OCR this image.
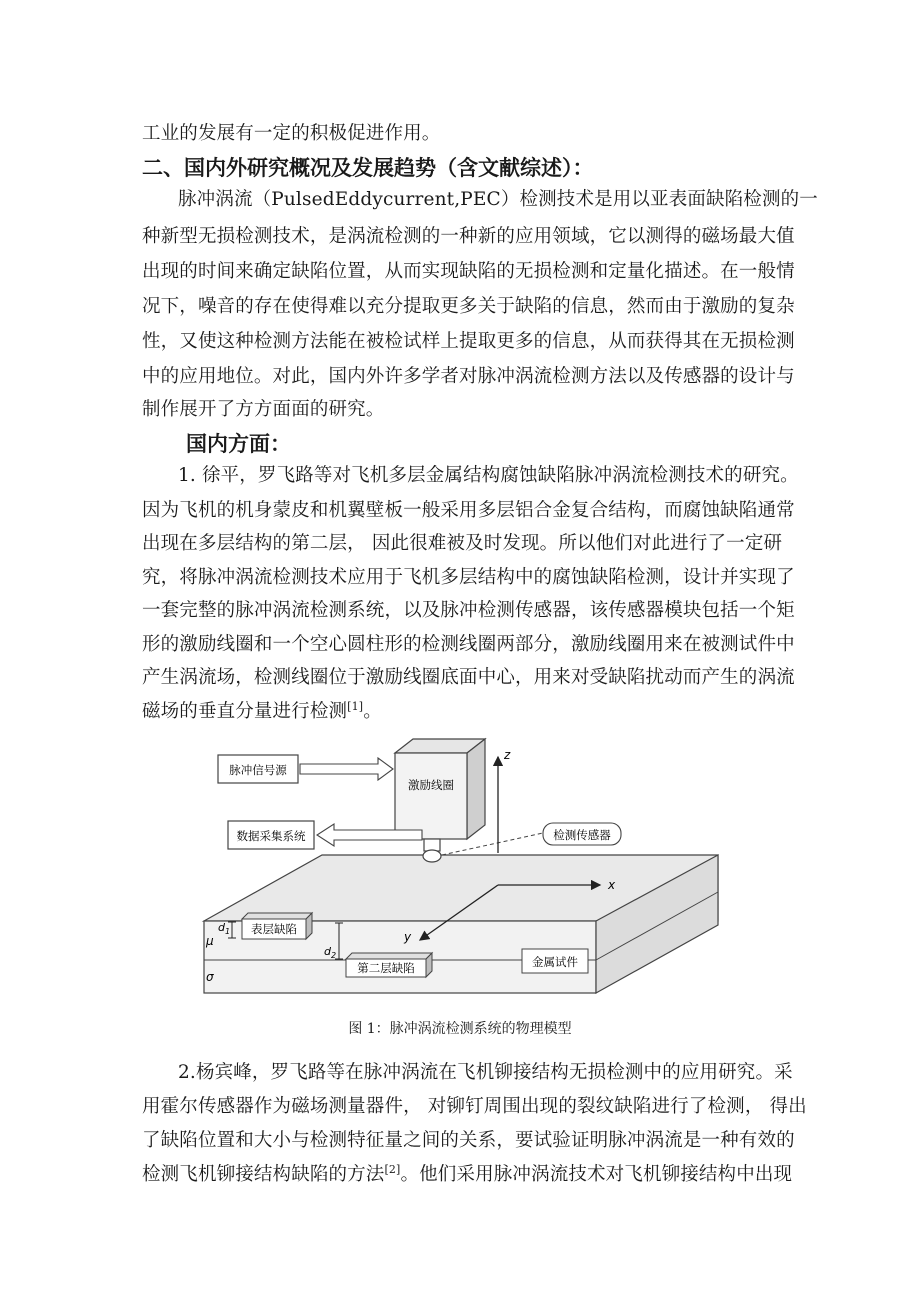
工业的发展有一定的积极促进作用。
二、国内外研究概况及发展趋势（含文献综述）：
脉冲涡流（PulsedEddycurrent,PEC）检测技术是用以亚表面缺陷检测的一
种新型无损检测技术，是涡流检测的一种新的应用领域，它以测得的磁场最大值
出现的时间来确定缺陷位置，从而实现缺陷的无损检测和定量化描述。在一般情
况下，噪音的存在使得难以充分提取更多关于缺陷的信息，然而由于激励的复杂
性，又使这种检测方法能在被检试样上提取更多的信息，从而获得其在无损检测
中的应用地位。对此，国内外许多学者对脉冲涡流检测方法以及传感器的设计与
制作展开了方方面面的研究。
国内方面：
1. 徐平，罗飞路等对飞机多层金属结构腐蚀缺陷脉冲涡流检测技术的研究。
因为飞机的机身蒙皮和机翼壁板一般采用多层铝合金复合结构，而腐蚀缺陷通常
出现在多层结构的第二层， 因此很难被及时发现。所以他们对此进行了一定研
究，将脉冲涡流检测技术应用于飞机多层结构中的腐蚀缺陷检测，设计并实现了
一套完整的脉冲涡流检测系统，以及脉冲检测传感器，该传感器模块包括一个矩
形的激励线圈和一个空心圆柱形的检测线圈两部分，激励线圈用来在被测试件中
产生涡流场，检测线圈位于激励线圈底面中心，用来对受缺陷扰动而产生的涡流
磁场的垂直分量进行检测[1]。
激励线圈
脉冲信号源
数据采集系统	检测传感器
z
x
y
表层缺陷
第二层缺陷	金属试件
$d_1$
$d_2$
μ
σ
图 1：脉冲涡流检测系统的物理模型
2.杨宾峰，罗飞路等在脉冲涡流在飞机铆接结构无损检测中的应用研究。采
用霍尔传感器作为磁场测量器件， 对铆钉周围出现的裂纹缺陷进行了检测， 得出
了缺陷位置和大小与检测特征量之间的关系，要试验证明脉冲涡流是一种有效的
检测飞机铆接结构缺陷的方法[2]。他们采用脉冲涡流技术对飞机铆接结构中出现
